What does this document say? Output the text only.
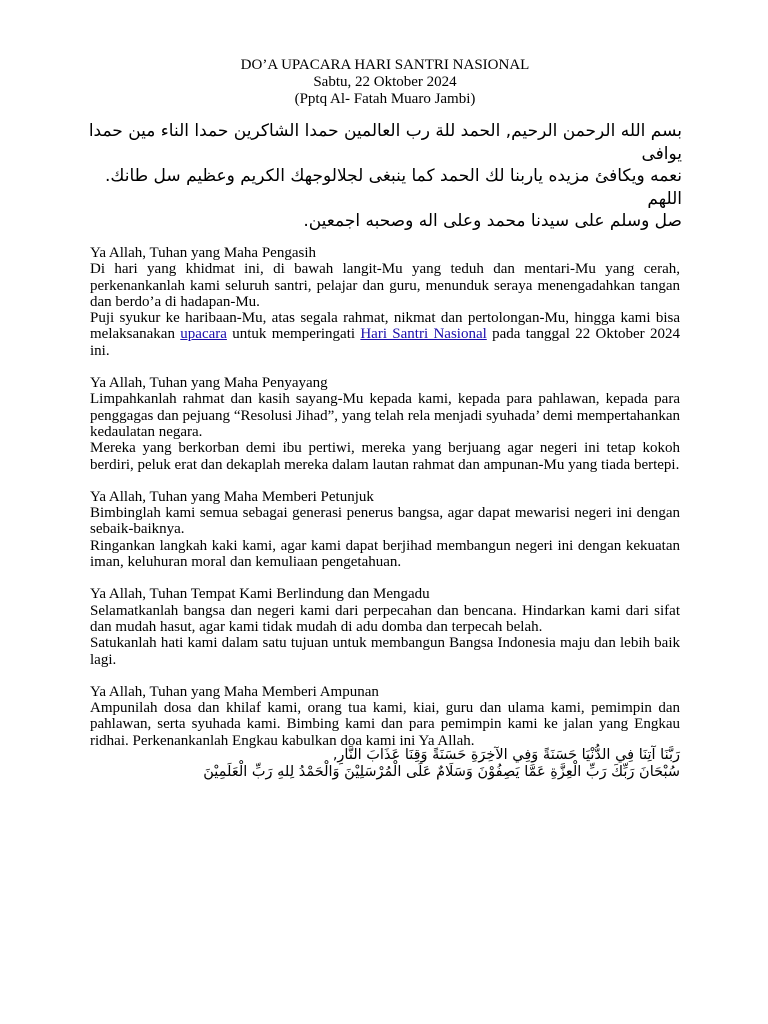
DO’A UPACARA HARI SANTRI NASIONAL
Sabtu, 22 Oktober 2024
(Pptq Al- Fatah Muaro Jambi)

بسم الله الرحمن الرحيم, الحمد للة رب العالمين حمدا الشاكرين حمدا الناء مين حمدا يوافى

نعمه ويكافئ مزيده ياربنا لك الحمد كما ينبغى لجلالوجهك الكريم وعظيم سل طانك. اللهم

صل وسلم على سيدنا محمد وعلى اله وصحبه اجمعين.

Ya Allah, Tuhan yang Maha Pengasih

Di hari yang khidmat ini, di bawah langit-Mu yang teduh dan mentari-Mu yang cerah, perkenankanlah kami seluruh santri, pelajar dan guru, menunduk seraya menengadahkan tangan dan berdo’a di hadapan-Mu.

Puji syukur ke haribaan-Mu, atas segala rahmat, nikmat dan pertolongan-Mu, hingga kami bisa melaksanakan upacara untuk memperingati Hari Santri Nasional pada tanggal 22 Oktober 2024 ini.

Ya Allah, Tuhan yang Maha Penyayang

Limpahkanlah rahmat dan kasih sayang-Mu kepada kami, kepada para pahlawan, kepada para penggagas dan pejuang “Resolusi Jihad”, yang telah rela menjadi syuhada’ demi mempertahankan kedaulatan negara.

Mereka yang berkorban demi ibu pertiwi, mereka yang berjuang agar negeri ini tetap kokoh berdiri, peluk erat dan dekaplah mereka dalam lautan rahmat dan ampunan-Mu yang tiada bertepi.

Ya Allah, Tuhan yang Maha Memberi Petunjuk

Bimbinglah kami semua sebagai generasi penerus bangsa, agar dapat mewarisi negeri ini dengan sebaik-baiknya.

Ringankan langkah kaki kami, agar kami dapat berjihad membangun negeri ini dengan kekuatan iman, keluhuran moral dan kemuliaan pengetahuan.

Ya Allah, Tuhan Tempat Kami Berlindung dan Mengadu

Selamatkanlah bangsa dan negeri kami dari perpecahan dan bencana. Hindarkan kami dari sifat dan mudah hasut, agar kami tidak mudah di adu domba dan terpecah belah.

Satukanlah hati kami dalam satu tujuan untuk membangun Bangsa Indonesia maju dan lebih baik lagi.

Ya Allah, Tuhan yang Maha Memberi Ampunan

Ampunilah dosa dan khilaf kami, orang tua kami, kiai, guru dan ulama kami, pemimpin dan pahlawan, serta syuhada kami. Bimbing kami dan para pemimpin kami ke jalan yang Engkau ridhai. Perkenankanlah Engkau kabulkan doa kami ini Ya Allah.

رَبَّنَا آتِنَا فِي الدُّنْيَا حَسَنَةً وَفِي الآخِرَةِ حَسَنَةً وَقِنَا عَذَابَ النَّارِ,

سُبْحَانَ رَبِّكَ رَبِّ الْعِزَّةِ عَمَّا يَصِفُوْنَ وَسَلَامٌ عَلَى الْمُرْسَلِيْنَ وَالْحَمْدُ لِلهِ رَبِّ الْعَلَمِيْنَ
